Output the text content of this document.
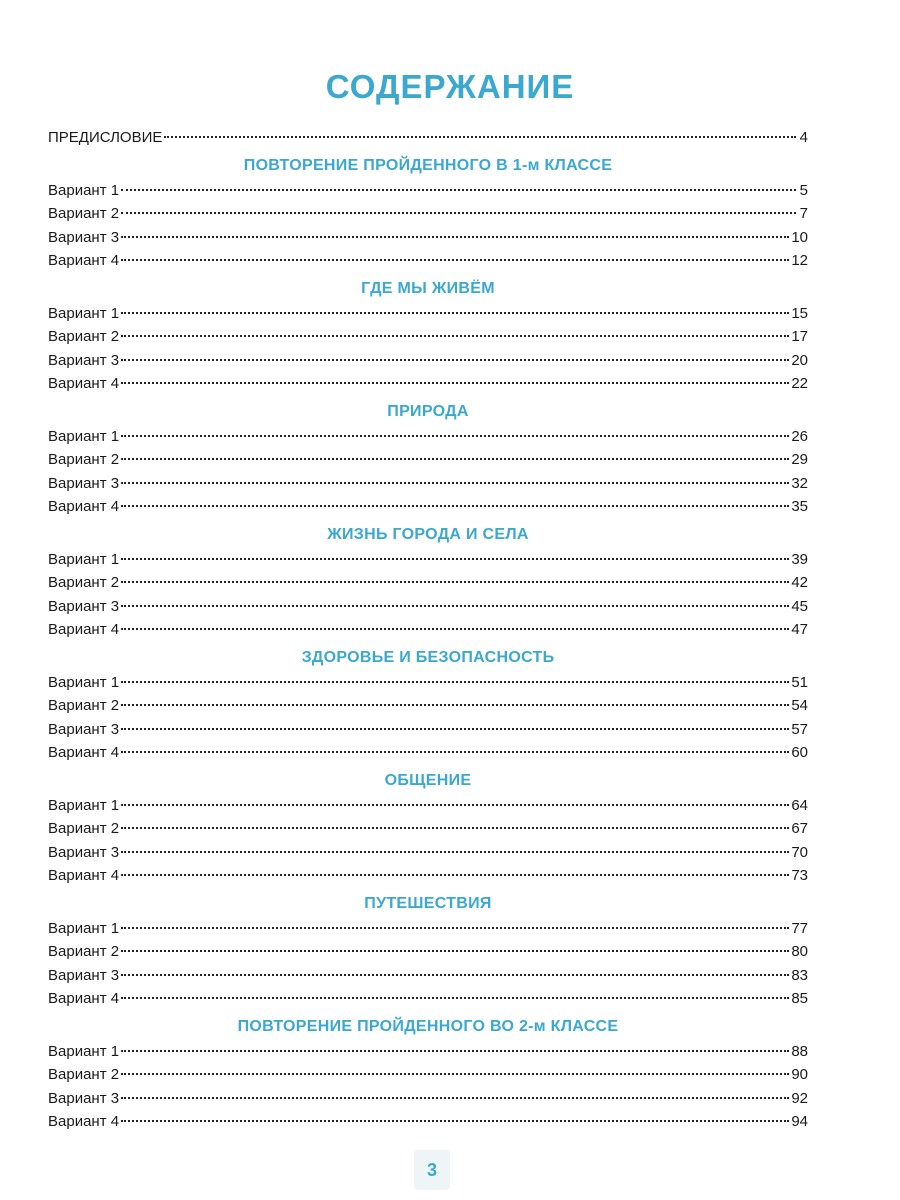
СОДЕРЖАНИЕ
ПРЕДИСЛОВИЕ	4
ПОВТОРЕНИЕ ПРОЙДЕННОГО В 1-м КЛАССЕ
Вариант 1	5
Вариант 2	7
Вариант 3	10
Вариант 4	12
ГДЕ МЫ ЖИВЁМ
Вариант 1	15
Вариант 2	17
Вариант 3	20
Вариант 4	22
ПРИРОДА
Вариант 1	26
Вариант 2	29
Вариант 3	32
Вариант 4	35
ЖИЗНЬ ГОРОДА И СЕЛА
Вариант 1	39
Вариант 2	42
Вариант 3	45
Вариант 4	47
ЗДОРОВЬЕ И БЕЗОПАСНОСТЬ
Вариант 1	51
Вариант 2	54
Вариант 3	57
Вариант 4	60
ОБЩЕНИЕ
Вариант 1	64
Вариант 2	67
Вариант 3	70
Вариант 4	73
ПУТЕШЕСТВИЯ
Вариант 1	77
Вариант 2	80
Вариант 3	83
Вариант 4	85
ПОВТОРЕНИЕ ПРОЙДЕННОГО ВО 2-м КЛАССЕ
Вариант 1	88
Вариант 2	90
Вариант 3	92
Вариант 4	94
3
